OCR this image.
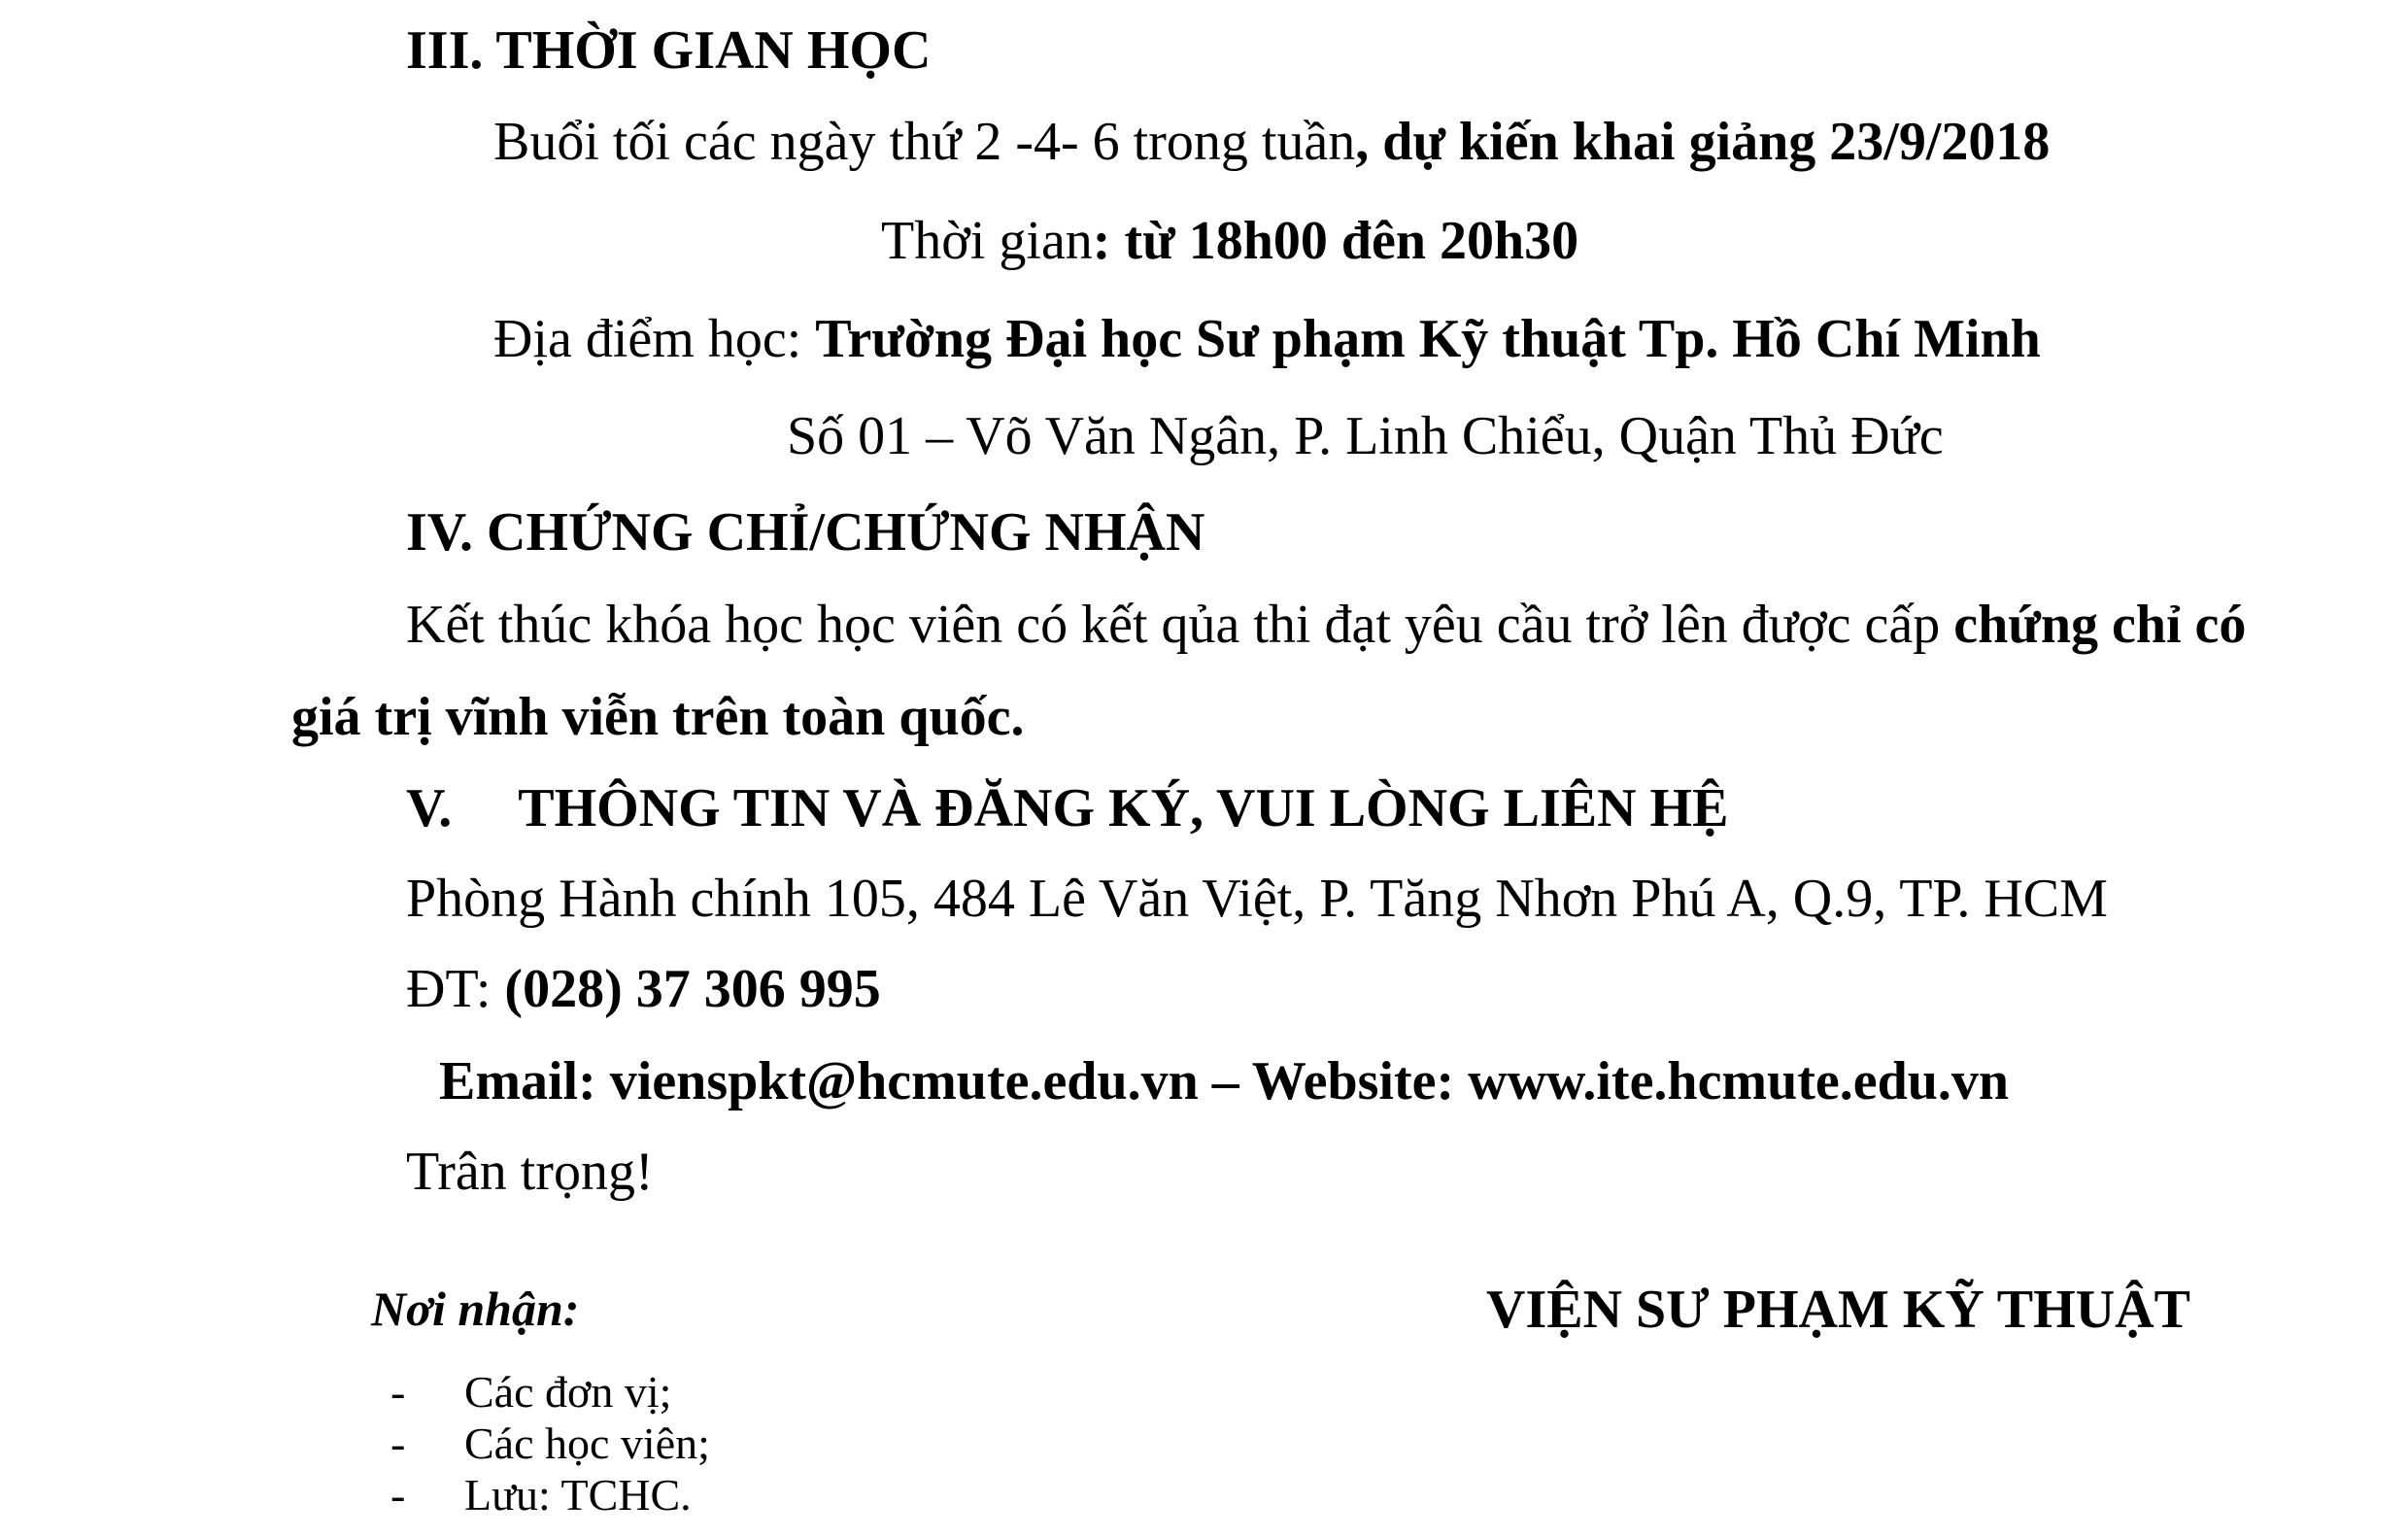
III. THỜI GIAN HỌC
Buổi tối các ngày thứ 2 -4- 6 trong tuần, dự kiến khai giảng 23/9/2018
Thời gian: từ 18h00 đên 20h30
Địa điểm học: Trường Đại học Sư phạm Kỹ thuật Tp. Hồ Chí Minh
Số 01 – Võ Văn Ngân, P. Linh Chiểu, Quận Thủ Đức
IV. CHỨNG CHỈ/CHỨNG NHẬN
Kết thúc khóa học học viên có kết qủa thi đạt yêu cầu trở lên được cấp chứng chỉ có
giá trị vĩnh viễn trên toàn quốc.
V. THÔNG TIN VÀ ĐĂNG KÝ, VUI LÒNG LIÊN HỆ
Phòng Hành chính 105, 484 Lê Văn Việt, P. Tăng Nhơn Phú A, Q.9, TP. HCM
ĐT: (028) 37 306 995
Email: vienspkt@hcmute.edu.vn – Website: www.ite.hcmute.edu.vn
Trân trọng!
Nơi nhận:
- Các đơn vị;
- Các học viên;
- Lưu: TCHC.
VIỆN SƯ PHẠM KỸ THUẬT
